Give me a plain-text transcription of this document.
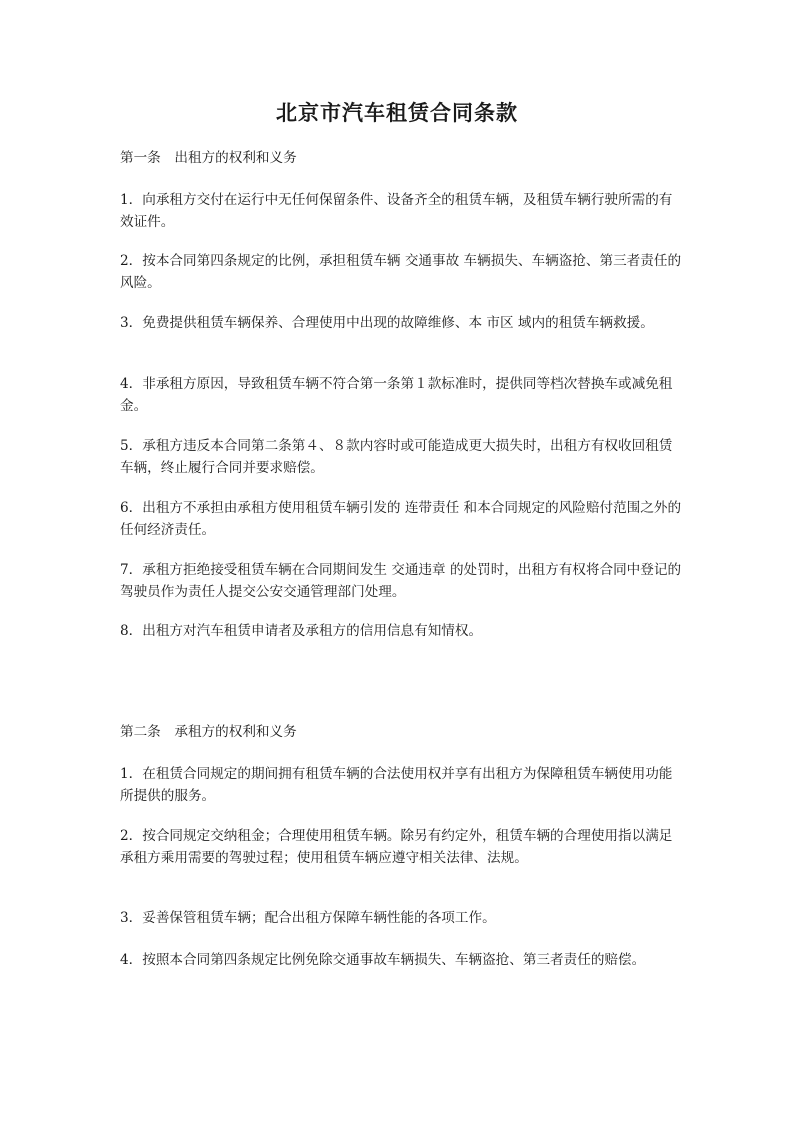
北京市汽车租赁合同条款

第一条　出租方的权利和义务

1．向承租方交付在运行中无任何保留条件、设备齐全的租赁车辆，及租赁车辆行驶所需的有效证件。

2．按本合同第四条规定的比例，承担租赁车辆 交通事故 车辆损失、车辆盗抢、第三者责任的风险。

3．免费提供租赁车辆保养、合理使用中出现的故障维修、本 市区 域内的租赁车辆救援。

4．非承租方原因，导致租赁车辆不符合第一条第１款标准时，提供同等档次替换车或减免租金。

5．承租方违反本合同第二条第４、８款内容时或可能造成更大损失时，出租方有权收回租赁车辆，终止履行合同并要求赔偿。

6．出租方不承担由承租方使用租赁车辆引发的 连带责任 和本合同规定的风险赔付范围之外的任何经济责任。

7．承租方拒绝接受租赁车辆在合同期间发生 交通违章 的处罚时，出租方有权将合同中登记的驾驶员作为责任人提交公安交通管理部门处理。

8．出租方对汽车租赁申请者及承租方的信用信息有知情权。

第二条　承租方的权利和义务

1．在租赁合同规定的期间拥有租赁车辆的合法使用权并享有出租方为保障租赁车辆使用功能所提供的服务。

2．按合同规定交纳租金；合理使用租赁车辆。除另有约定外，租赁车辆的合理使用指以满足承租方乘用需要的驾驶过程；使用租赁车辆应遵守相关法律、法规。

3．妥善保管租赁车辆；配合出租方保障车辆性能的各项工作。

4．按照本合同第四条规定比例免除交通事故车辆损失、车辆盗抢、第三者责任的赔偿。
